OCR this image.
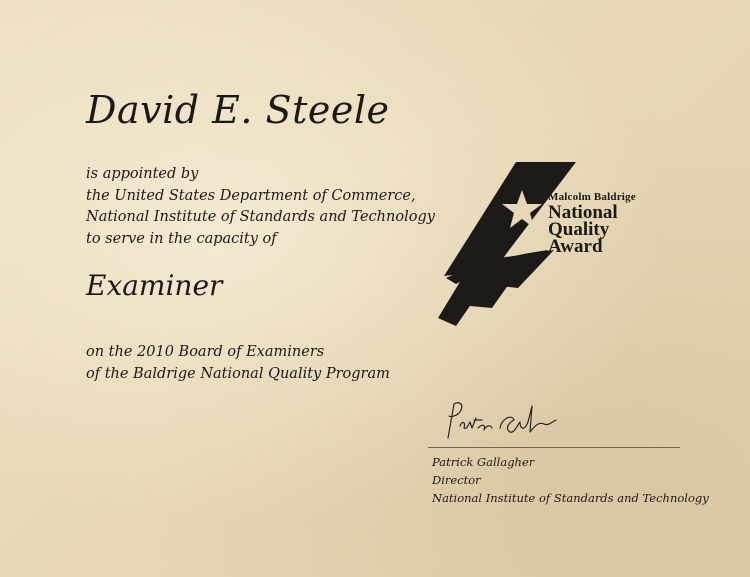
David E. Steele
is appointed by
the United States Department of Commerce,
National Institute of Standards and Technology
to serve in the capacity of
Examiner
on the 2010 Board of Examiners
of the Baldrige National Quality Program
Malcolm Baldrige
National
Quality
Award
Patrick Gallagher
Director
National Institute of Standards and Technology
